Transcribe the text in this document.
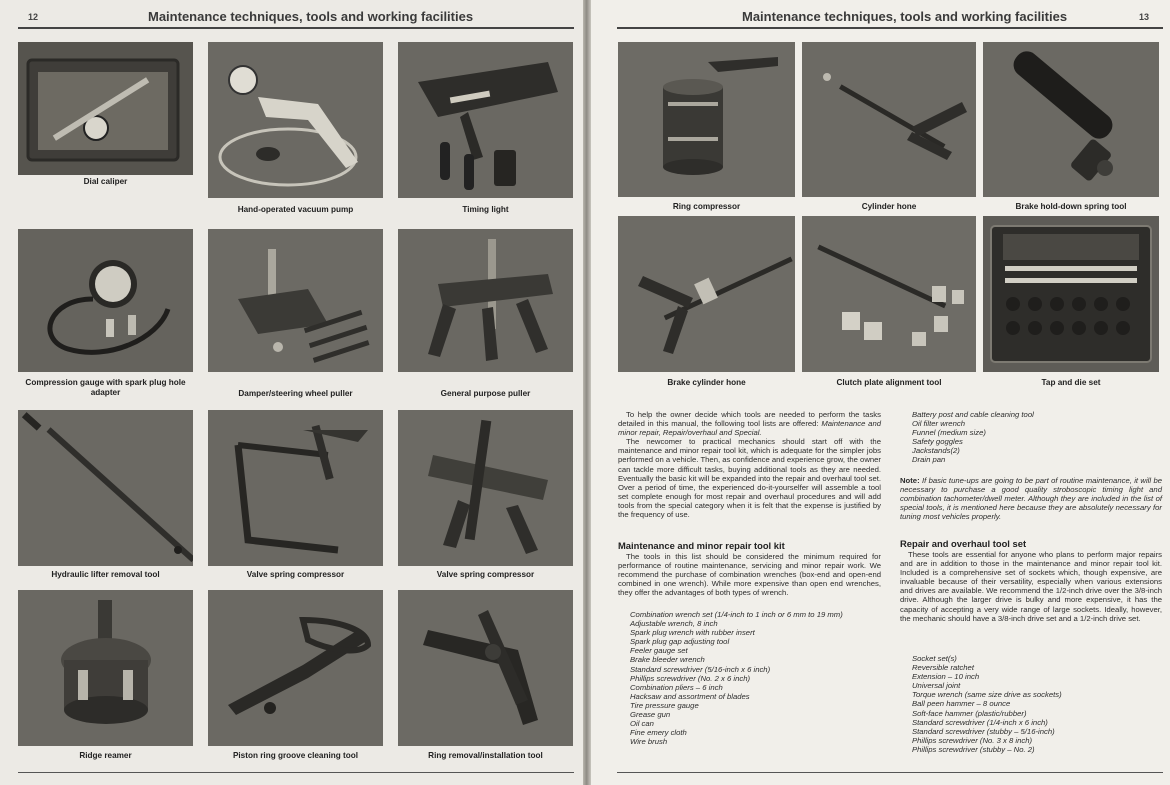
12	Maintenance techniques, tools and working facilities
Dial caliper
Hand-operated vacuum pump	Timing light
Compression gauge with spark plug hole adapter	Damper/steering wheel puller	General purpose puller
Hydraulic lifter removal tool	Valve spring compressor	Valve spring compressor
Ridge reamer	Piston ring groove cleaning tool	Ring removal/installation tool
Maintenance techniques, tools and working facilities	13
Ring compressor	Cylinder hone	Brake hold-down spring tool
Brake cylinder hone	Clutch plate alignment tool	Tap and die set

To help the owner decide which tools are needed to perform the tasks detailed in this manual, the following tool lists are offered: Maintenance and minor repair, Repair/overhaul and Special.

The newcomer to practical mechanics should start off with the maintenance and minor repair tool kit, which is adequate for the simpler jobs performed on a vehicle. Then, as confidence and experience grow, the owner can tackle more difficult tasks, buying additional tools as they are needed. Eventually the basic kit will be expanded into the repair and overhaul tool set. Over a period of time, the experienced do-it-yourselfer will assemble a tool set complete enough for most repair and overhaul procedures and will add tools from the special category when it is felt that the expense is justified by the frequency of use.

Maintenance and minor repair tool kit

The tools in this list should be considered the minimum required for performance of routine maintenance, servicing and minor repair work. We recommend the purchase of combination wrenches (box-end and open-end combined in one wrench). While more expensive than open end wrenches, they offer the advantages of both types of wrench.

Combination wrench set (1/4-inch to 1 inch or 6 mm to 19 mm)
Adjustable wrench, 8 inch
Spark plug wrench with rubber insert
Spark plug gap adjusting tool
Feeler gauge set
Brake bleeder wrench
Standard screwdriver (5/16-inch x 6 inch)
Phillips screwdriver (No. 2 x 6 inch)
Combination pliers – 6 inch
Hacksaw and assortment of blades
Tire pressure gauge
Grease gun
Oil can
Fine emery cloth
Wire brush
Battery post and cable cleaning tool
Oil filter wrench
Funnel (medium size)
Safety goggles
Jackstands(2)
Drain pan
Note: If basic tune-ups are going to be part of routine maintenance, it will be necessary to purchase a good quality stroboscopic timing light and combination tachometer/dwell meter. Although they are included in the list of special tools, it is mentioned here because they are absolutely necessary for tuning most vehicles properly.
Repair and overhaul tool set

These tools are essential for anyone who plans to perform major repairs and are in addition to those in the maintenance and minor repair tool kit. Included is a comprehensive set of sockets which, though expensive, are invaluable because of their versatility, especially when various extensions and drives are available. We recommend the 1/2-inch drive over the 3/8-inch drive. Although the larger drive is bulky and more expensive, it has the capacity of accepting a very wide range of large sockets. Ideally, however, the mechanic should have a 3/8-inch drive set and a 1/2-inch drive set.

Socket set(s)
Reversible ratchet
Extension – 10 inch
Universal joint
Torque wrench (same size drive as sockets)
Ball peen hammer – 8 ounce
Soft-face hammer (plastic/rubber)
Standard screwdriver (1/4-inch x 6 inch)
Standard screwdriver (stubby – 5/16-inch)
Phillips screwdriver (No. 3 x 8 inch)
Phillips screwdriver (stubby – No. 2)
